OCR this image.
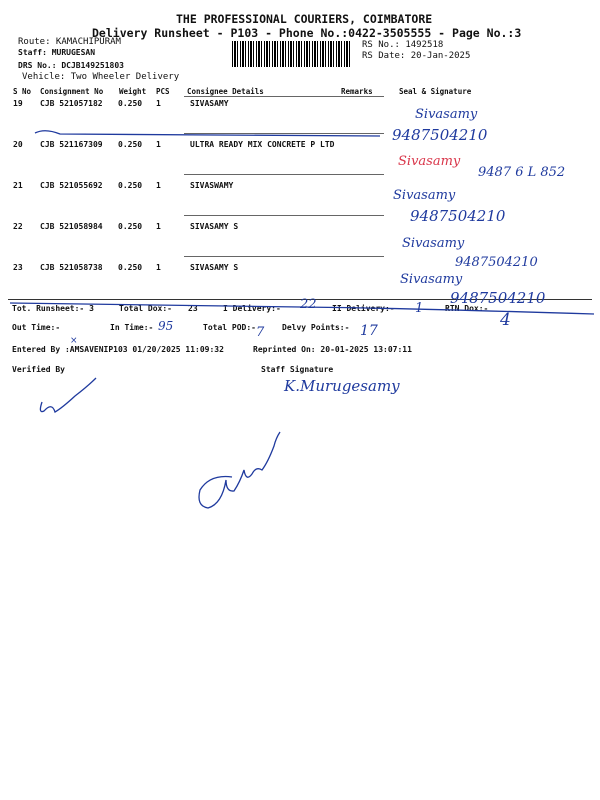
THE PROFESSIONAL COURIERS, COIMBATORE
Delivery Runsheet - P103 - Phone No.:0422-3505555 - Page No.:3
Route: KAMACHIPURAM
Staff: MURUGESAN
DRS No.: DCJB149251803
Vehicle: Two Wheeler Delivery
RS No.: 1492518
RS Date: 20-Jan-2025
S No Consignment No Weight PCS Consignee Details	Remarks	Seal & Signature
19 CJB 521057182 0.250 1	SIVASAMY
20 CJB 521167309 0.250 1	ULTRA READY MIX CONCRETE P LTD
21 CJB 521055692 0.250 1	SIVASWAMY
22 CJB 521058984 0.250 1	SIVASAMY S
23 CJB 521058738 0.250 1	SIVASAMY S
Tot. Runsheet:- 3	Total Dox:- 23	I Delivery:-	II Delivery:-	RTN Dox:-
Out Time:-	In Time:-	Total POD:-	Delvy Points:-
Entered By :AMSAVENIP103 01/20/2025 11:09:32	Reprinted On: 20-01-2025 13:07:11
Verified By	Staff Signature
Sivasamy
9487504210
Sivasamy
9487 6 L 852
Sivasamy
9487504210
Sivasamy
9487504210
Sivasamy
9487504210
22	1
4
95	7	17
×
K.Murugesamy
